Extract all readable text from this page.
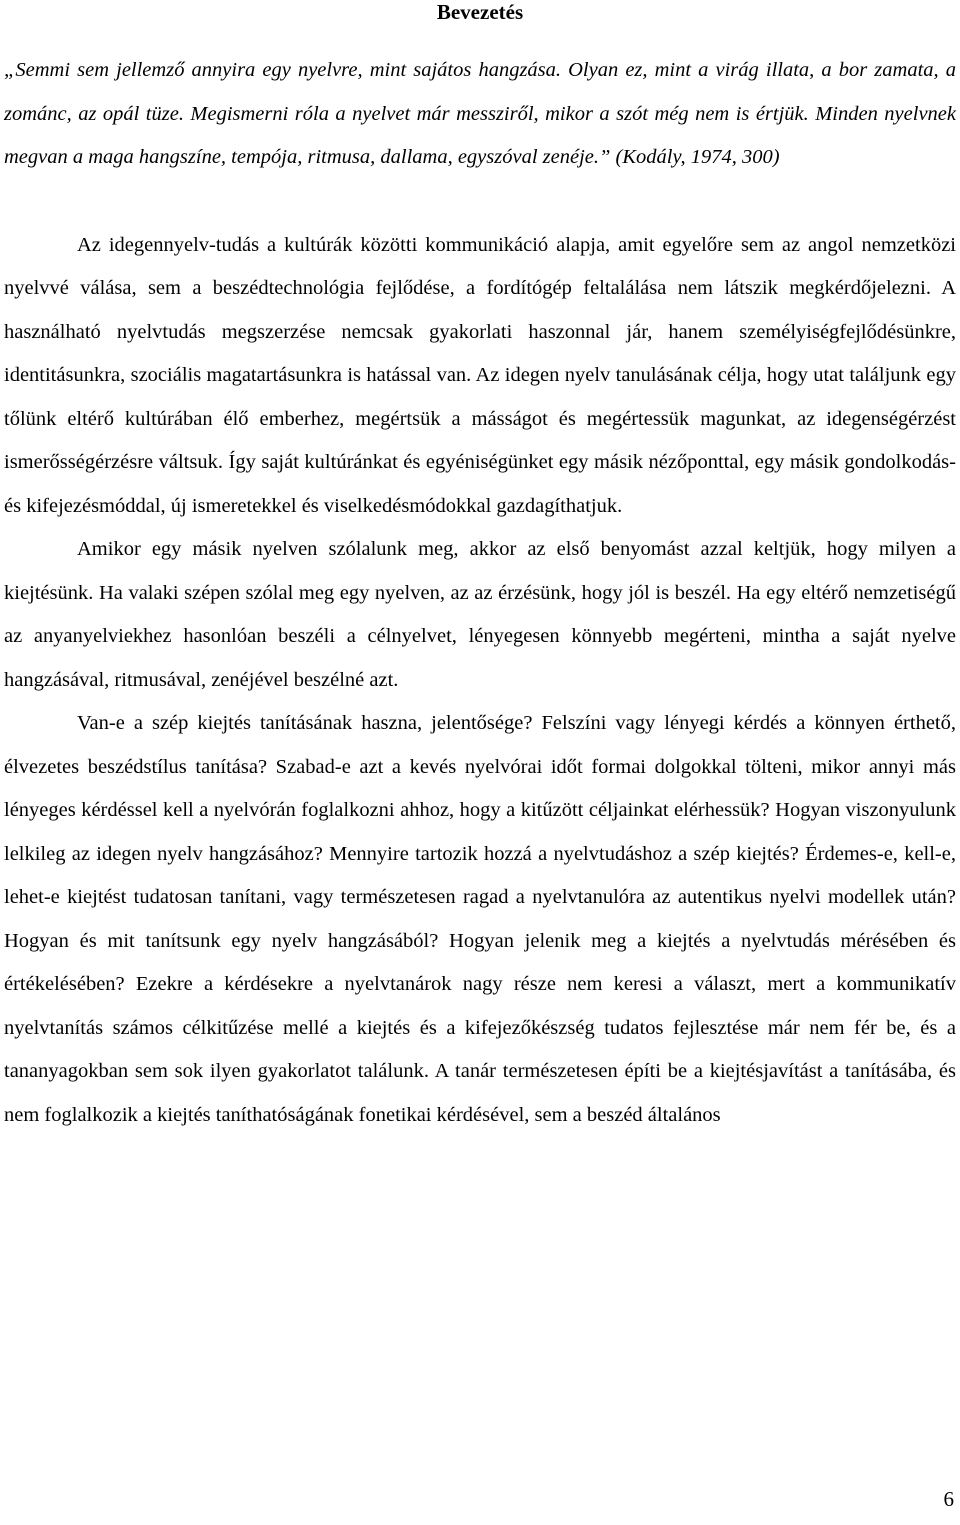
Bevezetés

„Semmi sem jellemző annyira egy nyelvre, mint sajátos hangzása. Olyan ez, mint a virág illata, a bor zamata, a zománc, az opál tüze. Megismerni róla a nyelvet már messziről, mikor a szót még nem is értjük. Minden nyelvnek megvan a maga hangszíne, tempója, ritmusa, dallama, egyszóval zenéje.” (Kodály, 1974, 300)

Az idegennyelv-tudás a kultúrák közötti kommunikáció alapja, amit egyelőre sem az angol nemzetközi nyelvvé válása, sem a beszédtechnológia fejlődése, a fordítógép feltalálása nem látszik megkérdőjelezni. A használható nyelvtudás megszerzése nemcsak gyakorlati haszonnal jár, hanem személyiségfejlődésünkre, identitásunkra, szociális magatartásunkra is hatással van. Az idegen nyelv tanulásának célja, hogy utat találjunk egy tőlünk eltérő kultúrában élő emberhez, megértsük a másságot és megértessük magunkat, az idegenségérzést ismerősségérzésre váltsuk. Így saját kultúránkat és egyéniségünket egy másik nézőponttal, egy másik gondolkodás- és kifejezésmóddal, új ismeretekkel és viselkedésmódokkal gazdagíthatjuk.

Amikor egy másik nyelven szólalunk meg, akkor az első benyomást azzal keltjük, hogy milyen a kiejtésünk. Ha valaki szépen szólal meg egy nyelven, az az érzésünk, hogy jól is beszél. Ha egy eltérő nemzetiségű az anyanyelviekhez hasonlóan beszéli a célnyelvet, lényegesen könnyebb megérteni, mintha a saját nyelve hangzásával, ritmusával, zenéjével beszélné azt.

Van-e a szép kiejtés tanításának haszna, jelentősége? Felszíni vagy lényegi kérdés a könnyen érthető, élvezetes beszédstílus tanítása? Szabad-e azt a kevés nyelvórai időt formai dolgokkal tölteni, mikor annyi más lényeges kérdéssel kell a nyelvórán foglalkozni ahhoz, hogy a kitűzött céljainkat elérhessük? Hogyan viszonyulunk lelkileg az idegen nyelv hangzásához? Mennyire tartozik hozzá a nyelvtudáshoz a szép kiejtés? Érdemes-e, kell-e, lehet-e kiejtést tudatosan tanítani, vagy természetesen ragad a nyelvtanulóra az autentikus nyelvi modellek után? Hogyan és mit tanítsunk egy nyelv hangzásából? Hogyan jelenik meg a kiejtés a nyelvtudás mérésében és értékelésében? Ezekre a kérdésekre a nyelvtanárok nagy része nem keresi a választ, mert a kommunikatív nyelvtanítás számos célkitűzése mellé a kiejtés és a kifejezőkészség tudatos fejlesztése már nem fér be, és a tananyagokban sem sok ilyen gyakorlatot találunk. A tanár természetesen építi be a kiejtésjavítást a tanításába, és nem foglalkozik a kiejtés taníthatóságának fonetikai kérdésével, sem a beszéd általános

6
